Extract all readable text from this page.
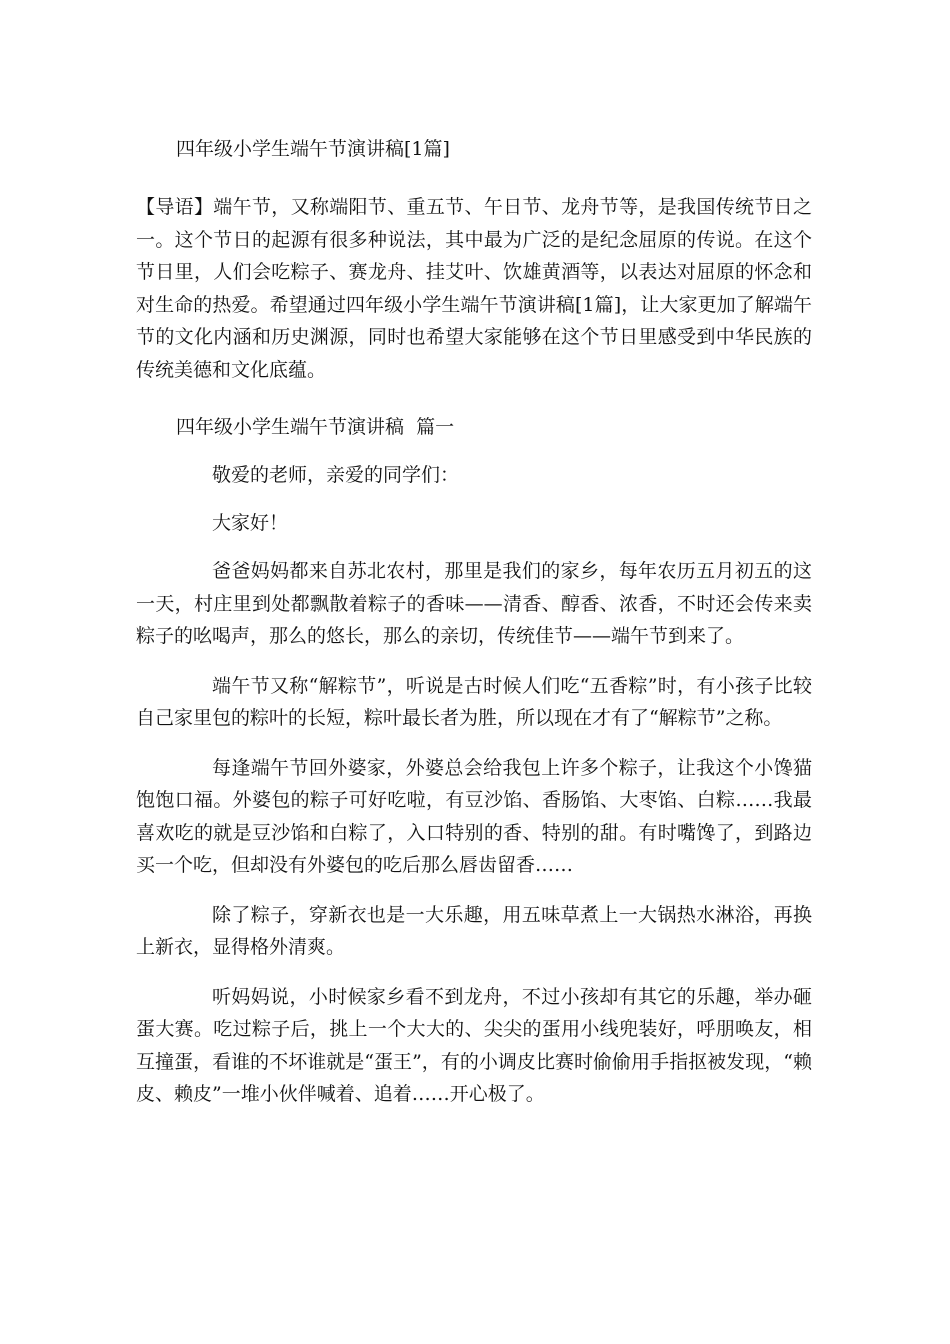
四年级小学生端午节演讲稿[1篇]

【导语】端午节，又称端阳节、重五节、午日节、龙舟节等，是我国传统节日之一。这个节日的起源有很多种说法，其中最为广泛的是纪念屈原的传说。在这个节日里，人们会吃粽子、赛龙舟、挂艾叶、饮雄黄酒等，以表达对屈原的怀念和对生命的热爱。希望通过四年级小学生端午节演讲稿[1篇]，让大家更加了解端午节的文化内涵和历史渊源，同时也希望大家能够在这个节日里感受到中华民族的传统美德和文化底蕴。

四年级小学生端午节演讲稿  篇一
敬爱的老师，亲爱的同学们：
大家好！

爸爸妈妈都来自苏北农村，那里是我们的家乡，每年农历五月初五的这一天，村庄里到处都飘散着粽子的香味——清香、醇香、浓香，不时还会传来卖粽子的吆喝声，那么的悠长，那么的亲切，传统佳节——端午节到来了。

端午节又称“解粽节”，听说是古时候人们吃“五香粽”时，有小孩子比较自己家里包的粽叶的长短，粽叶最长者为胜，所以现在才有了“解粽节”之称。

每逢端午节回外婆家，外婆总会给我包上许多个粽子，让我这个小馋猫饱饱口福。外婆包的粽子可好吃啦，有豆沙馅、香肠馅、大枣馅、白粽……我最喜欢吃的就是豆沙馅和白粽了，入口特别的香、特别的甜。有时嘴馋了，到路边买一个吃，但却没有外婆包的吃后那么唇齿留香……

除了粽子，穿新衣也是一大乐趣，用五味草煮上一大锅热水淋浴，再换上新衣，显得格外清爽。

听妈妈说，小时候家乡看不到龙舟，不过小孩却有其它的乐趣，举办砸蛋大赛。吃过粽子后，挑上一个大大的、尖尖的蛋用小线兜装好，呼朋唤友，相互撞蛋，看谁的不坏谁就是“蛋王”，有的小调皮比赛时偷偷用手指抠被发现，“赖皮、赖皮”一堆小伙伴喊着、追着……开心极了。
